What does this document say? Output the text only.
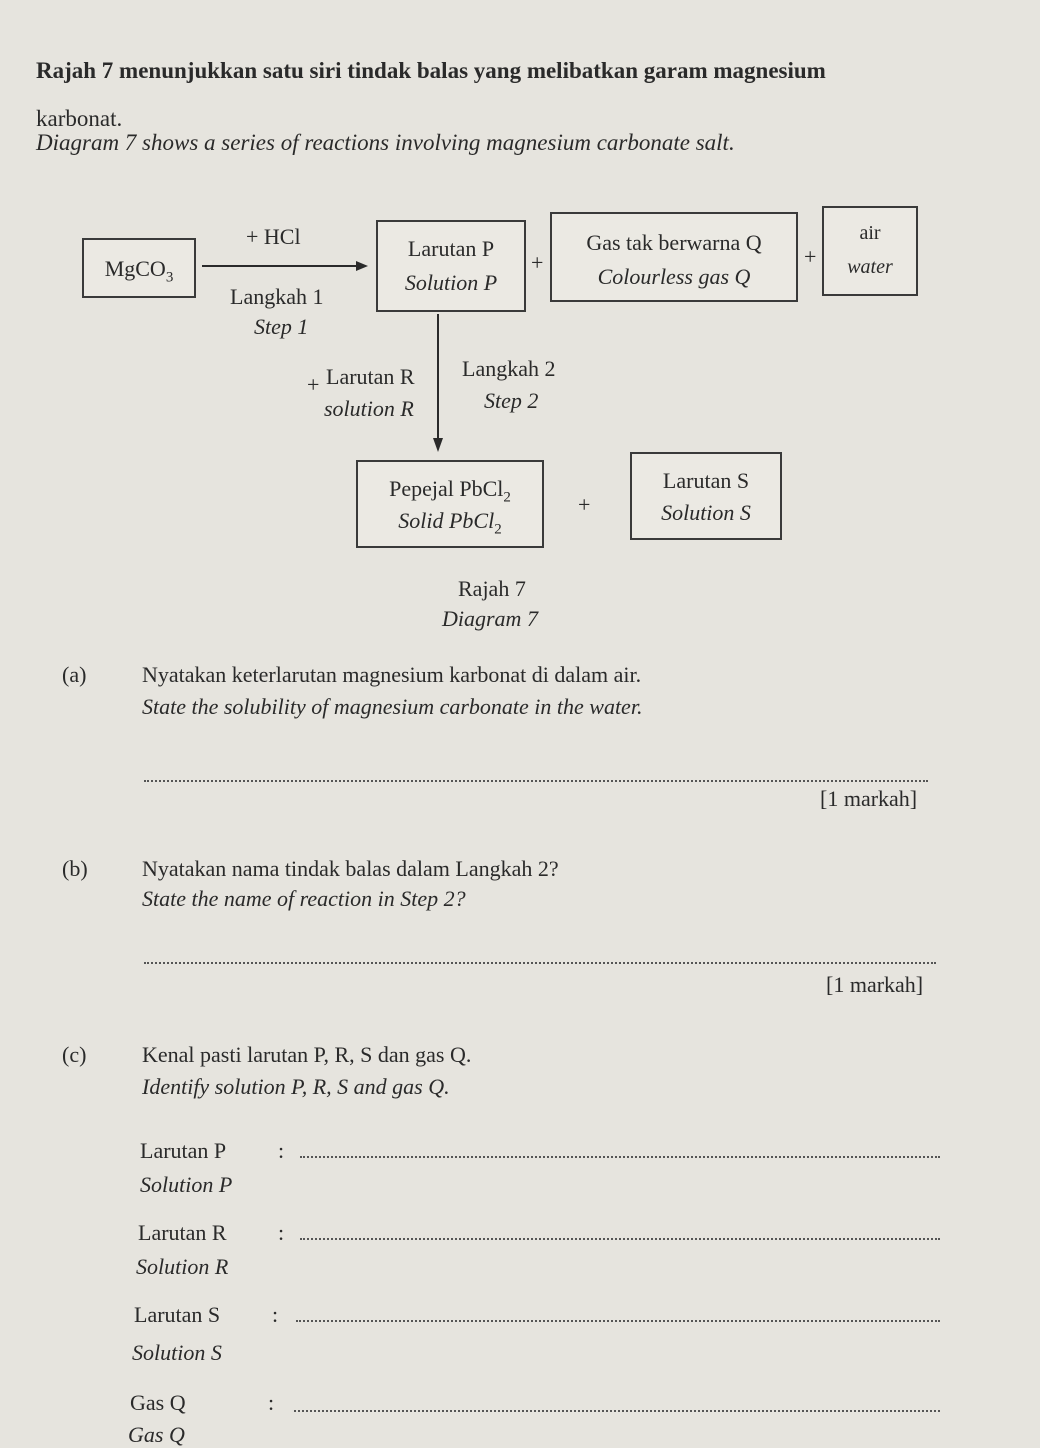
Rajah 7 menunjukkan satu siri tindak balas yang melibatkan garam magnesium
karbonat.
Diagram 7 shows a series of reactions involving magnesium carbonate salt.
MgCO$_3$
+ HCl
Langkah 1
Step 1
Larutan P
Solution P
+
Gas tak berwarna Q
Colourless gas Q
+
air
water
+ Larutan R
solution R
Langkah 2
Step 2
Pepejal PbCl$_2$
Solid PbCl$_2$
+
Larutan S
Solution S
Rajah 7
Diagram 7
(a)	Nyatakan keterlarutan magnesium karbonat di dalam air.
State the solubility of magnesium carbonate in the water.
[1 markah]
(b) Nyatakan nama tindak balas dalam Langkah 2?
State the name of reaction in Step 2?
[1 markah]
(c)	Kenal pasti larutan P, R, S dan gas Q.
Identify solution P, R, S and gas Q.
Larutan P :
Solution P
Larutan R :
Solution R
Larutan S :
Solution S
Gas Q	:
Gas Q
